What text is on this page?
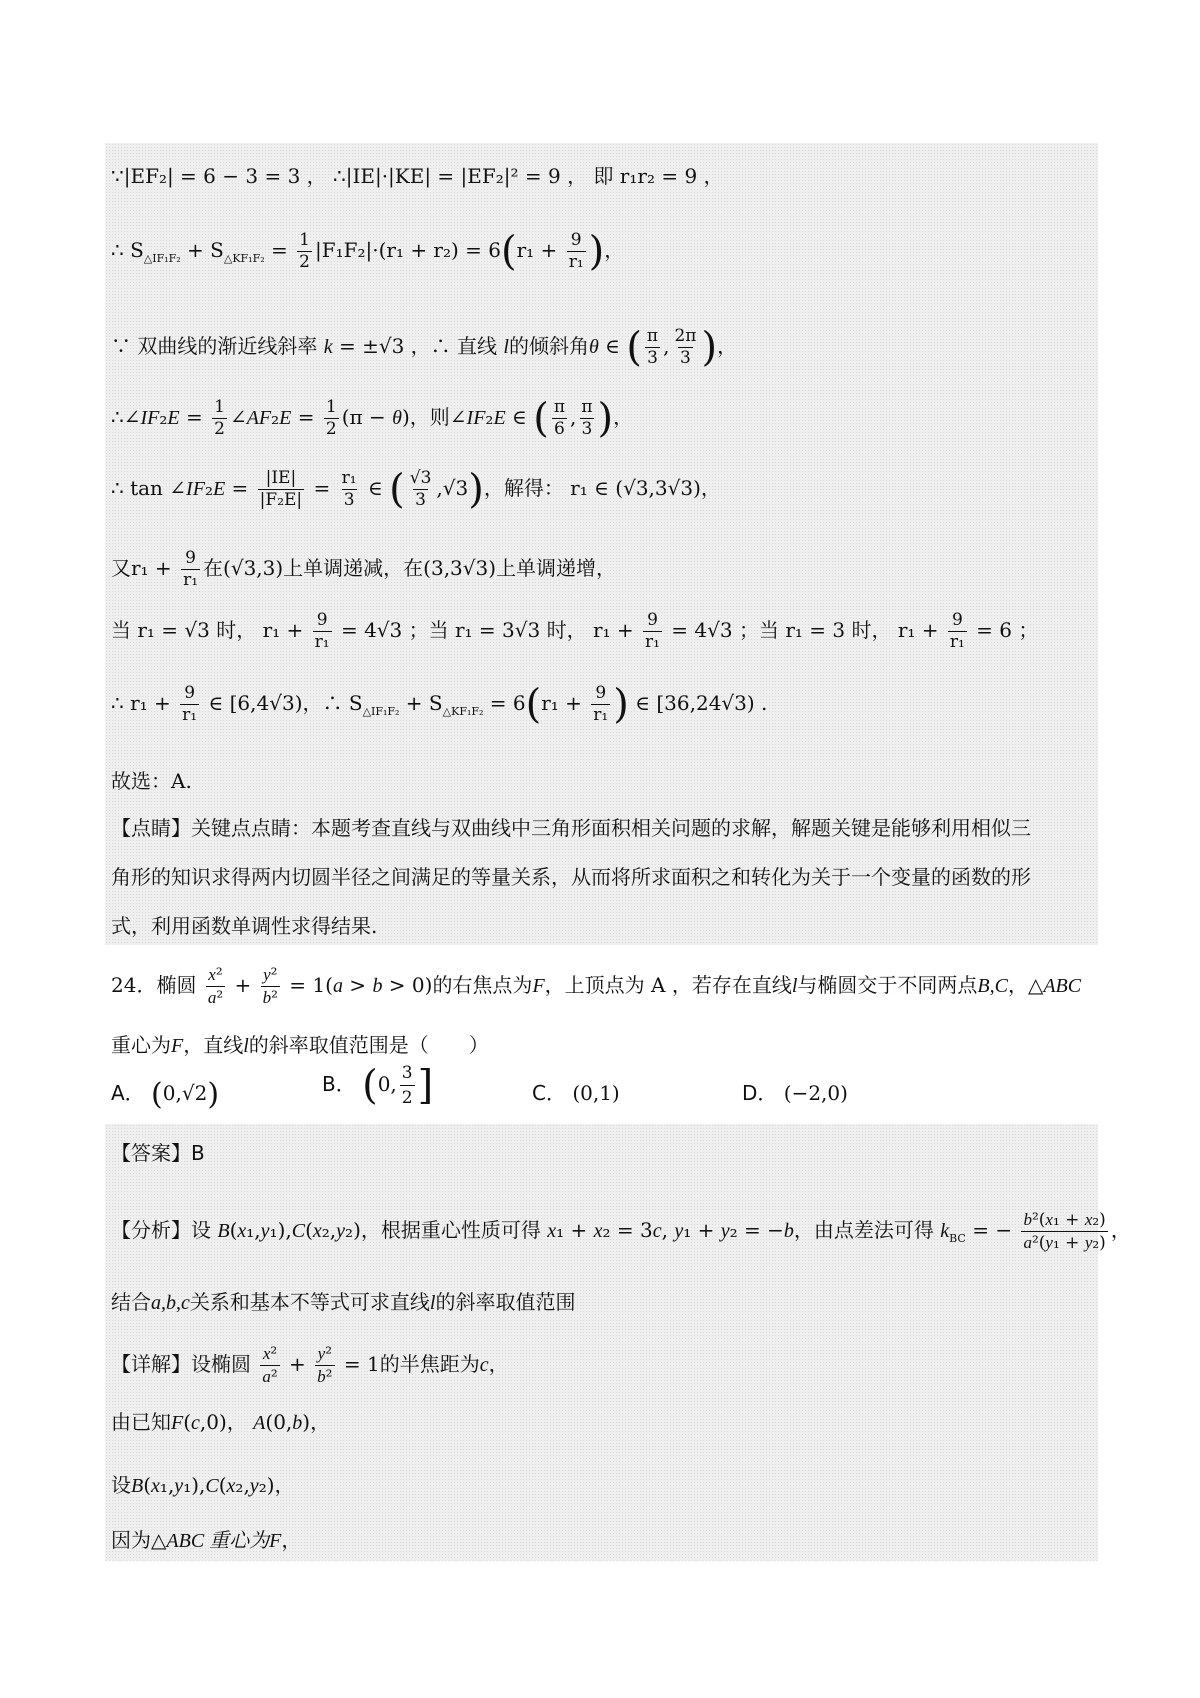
∵|EF₂| = 6 − 3 = 3 ， ∴|IE|·|KE| = |EF₂|² = 9 ， 即 r₁r₂ = 9 ，
∴ $S_{\triangle IF_1F_2} + S_{\triangle KF_1F_2} = \frac{1}{2} |F_1F_2|\cdot(r_1 + r_2) = 6(r_1 + \frac{9}{\text{r₁}}$ )，
∵ 双曲线的渐近线斜率 k = ±√3 ，∴ 直线 l的倾斜角θ ∈ ( $\frac{\pi}{3}$ , $\frac{2\pi}{3}$ )，
∴∠IF₂E = $\frac{1}{2}$ ∠AF₂E = $\frac{1}{2} (\pi - \theta)$，则∠IF₂E ∈ ( $\frac{\pi}{6}$ , $\frac{\pi}{3}$ )，
∴ tan ∠IF₂E = $\frac{|IE|}{\text{|F₂E|}} = \frac{\text{r₁}}{3}$ ∈ ( $\frac{√3}{3} ,√3$)，解得： r₁ ∈ (√3,3√3)，
又$r_1 + \frac{9}{\text{r₁}}$ 在(√3,3)上单调递减，在(3,3√3)上单调递增，
当 r₁ = √3 时， $r_1 + \frac{9}{\text{r₁}} = 4√3$ ；当 r₁ = 3√3 时， $r_1 + \frac{9}{\text{r₁}} = 4√3$ ；当 r₁ = 3 时， $r_1 + \frac{9}{\text{r₁}} = 6$ ；
∴ $r_1 + \frac{9}{\text{r₁}}$ ∈ [6,4√3)，∴ $S_{\triangle IF_1F_2} + S_{\triangle KF_1F_2} = 6(r_1 + \frac{9}{\text{r₁}}$ ) ∈ [36,24√3) .
故选：A.
【点睛】关键点点睛：本题考查直线与双曲线中三角形面积相关问题的求解，解题关键是能够利用相似三
角形的知识求得两内切圆半径之间满足的等量关系，从而将所求面积之和转化为关于一个变量的函数的形
式，利用函数单调性求得结果.
24．椭圆 $\frac{\text{x²}}{\text{a²}} + \frac{\text{y²}}{\text{b²}} = 1(a > b > 0)$的右焦点为F，上顶点为 A ，若存在直线l与椭圆交于不同两点B,C，△ABC
重心为F，直线l的斜率取值范围是（　　）
A． (0,√2)	B． (0, $\frac{3}{2}$ ]	C． (0,1)	D． (−2,0)
【答案】B
【分析】设 B(x₁,y₁),C(x₂,y₂)，根据重心性质可得 x₁ + x₂ = 3c, y₁ + y₂ = −b，由点差法可得 $k_{BC}$ = − $\frac{\text{b²(x₁ + x₂)}}{\text{a²(y₁ + y₂)}}$ ，
结合a,b,c关系和基本不等式可求直线l的斜率取值范围
【详解】设椭圆 $\frac{\text{x²}}{\text{a²}} + \frac{\text{y²}}{\text{b²}} = 1$的半焦距为c，
由已知F(c,0)， A(0,b)，
设B(x₁,y₁),C(x₂,y₂)，
因为△ABC 重心为F，
